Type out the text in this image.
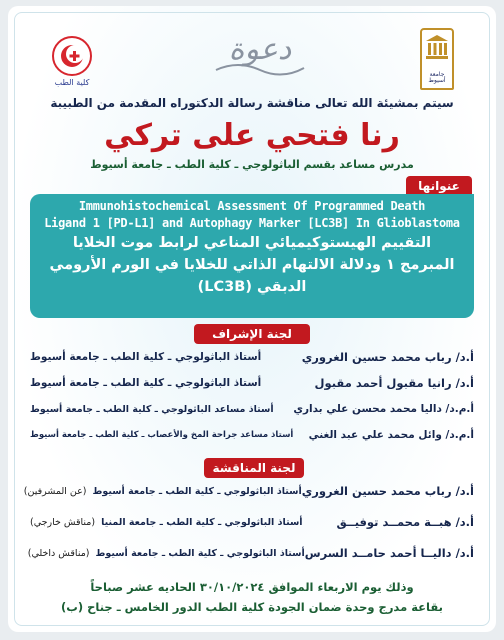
كلية الطب
جامعة أسيوط
دعوة
سيتم بمشيئة الله تعالى مناقشة رسالة الدكتوراه المقدمة من الطبيبة
رنا فتحي على تركي
مدرس مساعد بقسم الباثولوجي ـ كلية الطب ـ جامعة أسيوط
عنوانها
Immunohistochemical Assessment Of Programmed Death
Ligand 1 [PD-L1] and Autophagy Marker [LC3B] In Glioblastoma
التقييم الهيستوكيميائي المناعي لرابط موت الخلايا
المبرمج ١ ودلالة الالتهام الذاتي للخلايا في الورم الأرومي
الدبقي (LC3B)
لجنة الإشراف
أ.د/ رباب محمد حسين الغروري
أستاذ الباثولوجي ـ كلية الطب ـ جامعة أسيوط
أ.د/ رانيا مقبول أحمد مقبول
أستاذ الباثولوجي ـ كلية الطب ـ جامعة أسيوط
أ.م.د/ داليا محمد محسن علي بداري
أستاذ مساعد الباثولوجي ـ كلية الطب ـ جامعة أسيوط
أ.م.د/ وائل محمد علي عبد الغني
أستاذ مساعد جراحة المخ والأعصاب ـ كلية الطب ـ جامعة أسيوط
لجنة المناقشة
أ.د/ رباب محمد حسين الغروري
أستاذ الباثولوجي ـ كلية الطب ـ جامعة أسيوط
(عن المشرفين)
أ.د/ هبــة محمــد توفيــق
أستاذ الباثولوجي ـ كلية الطب ـ جامعة المنيا
(مناقش خارجي)
أ.د/ داليــا أحمد حامــد السرس
أستاذ الباثولوجي ـ كلية الطب ـ جامعة أسيوط
(مناقش داخلي)
وذلك يوم الاربعاء الموافق ٣٠/١٠/٢٠٢٤ الحاديه عشر صباحاً
بقاعة مدرج وحدة ضمان الجودة كلية الطب الدور الخامس ـ جناح (ب)
